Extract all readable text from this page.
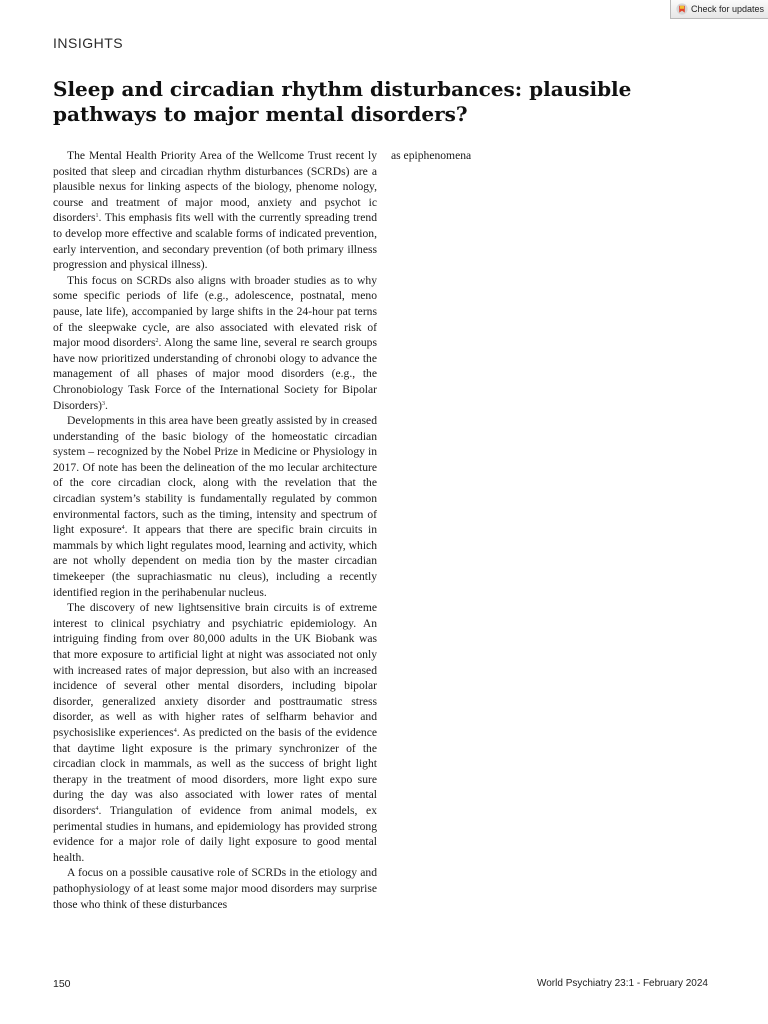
Check for updates
INSIGHTS
Sleep and circadian rhythm disturbances: plausible pathways to major mental disorders?

The Mental Health Priority Area of the Wellcome Trust recent ly posited that sleep and circadian rhythm disturbances (SCRDs) are a plausible nexus for linking aspects of the biology, phenome nology, course and treatment of major mood, anxiety and psychot ic disorders$^1$. This emphasis fits well with the currently spreading trend to develop more effective and scalable forms of indicated prevention, early intervention, and secondary prevention (of both primary illness progression and physical illness).

This focus on SCRDs also aligns with broader studies as to why some specific periods of life (e.g., adolescence, postnatal, meno pause, late life), accompanied by large shifts in the 24-hour pat terns of the sleepwake cycle, are also associated with elevated risk of major mood disorders$^2$. Along the same line, several re search groups have now prioritized understanding of chronobi ology to advance the management of all phases of major mood disorders (e.g., the Chronobiology Task Force of the International Society for Bipolar Disorders)$^3$.

Developments in this area have been greatly assisted by in creased understanding of the basic biology of the homeostatic circadian system – recognized by the Nobel Prize in Medicine or Physiology in 2017. Of note has been the delineation of the mo lecular architecture of the core circadian clock, along with the revelation that the circadian system’s stability is fundamentally regulated by common environmental factors, such as the timing, intensity and spectrum of light exposure$^4$. It appears that there are specific brain circuits in mammals by which light regulates mood, learning and activity, which are not wholly dependent on media tion by the master circadian timekeeper (the suprachiasmatic nu cleus), including a recently identified region in the perihabenular nucleus.

The discovery of new lightsensitive brain circuits is of extreme interest to clinical psychiatry and psychiatric epidemiology. An intriguing finding from over 80,000 adults in the UK Biobank was that more exposure to artificial light at night was associated not only with increased rates of major depression, but also with an increased incidence of several other mental disorders, including bipolar disorder, generalized anxiety disorder and posttraumatic stress disorder, as well as with higher rates of selfharm behavior and psychosislike experiences$^4$. As predicted on the basis of the evidence that daytime light exposure is the primary synchronizer of the circadian clock in mammals, as well as the success of bright light therapy in the treatment of mood disorders, more light expo sure during the day was also associated with lower rates of mental disorders$^4$. Triangulation of evidence from animal models, ex perimental studies in humans, and epidemiology has provided strong evidence for a major role of daily light exposure to good mental health.

A focus on a possible causative role of SCRDs in the etiology and pathophysiology of at least some major mood disorders may surprise those who think of these disturbances

as epiphenomena
150	World Psychiatry 23:1 - February 2024
